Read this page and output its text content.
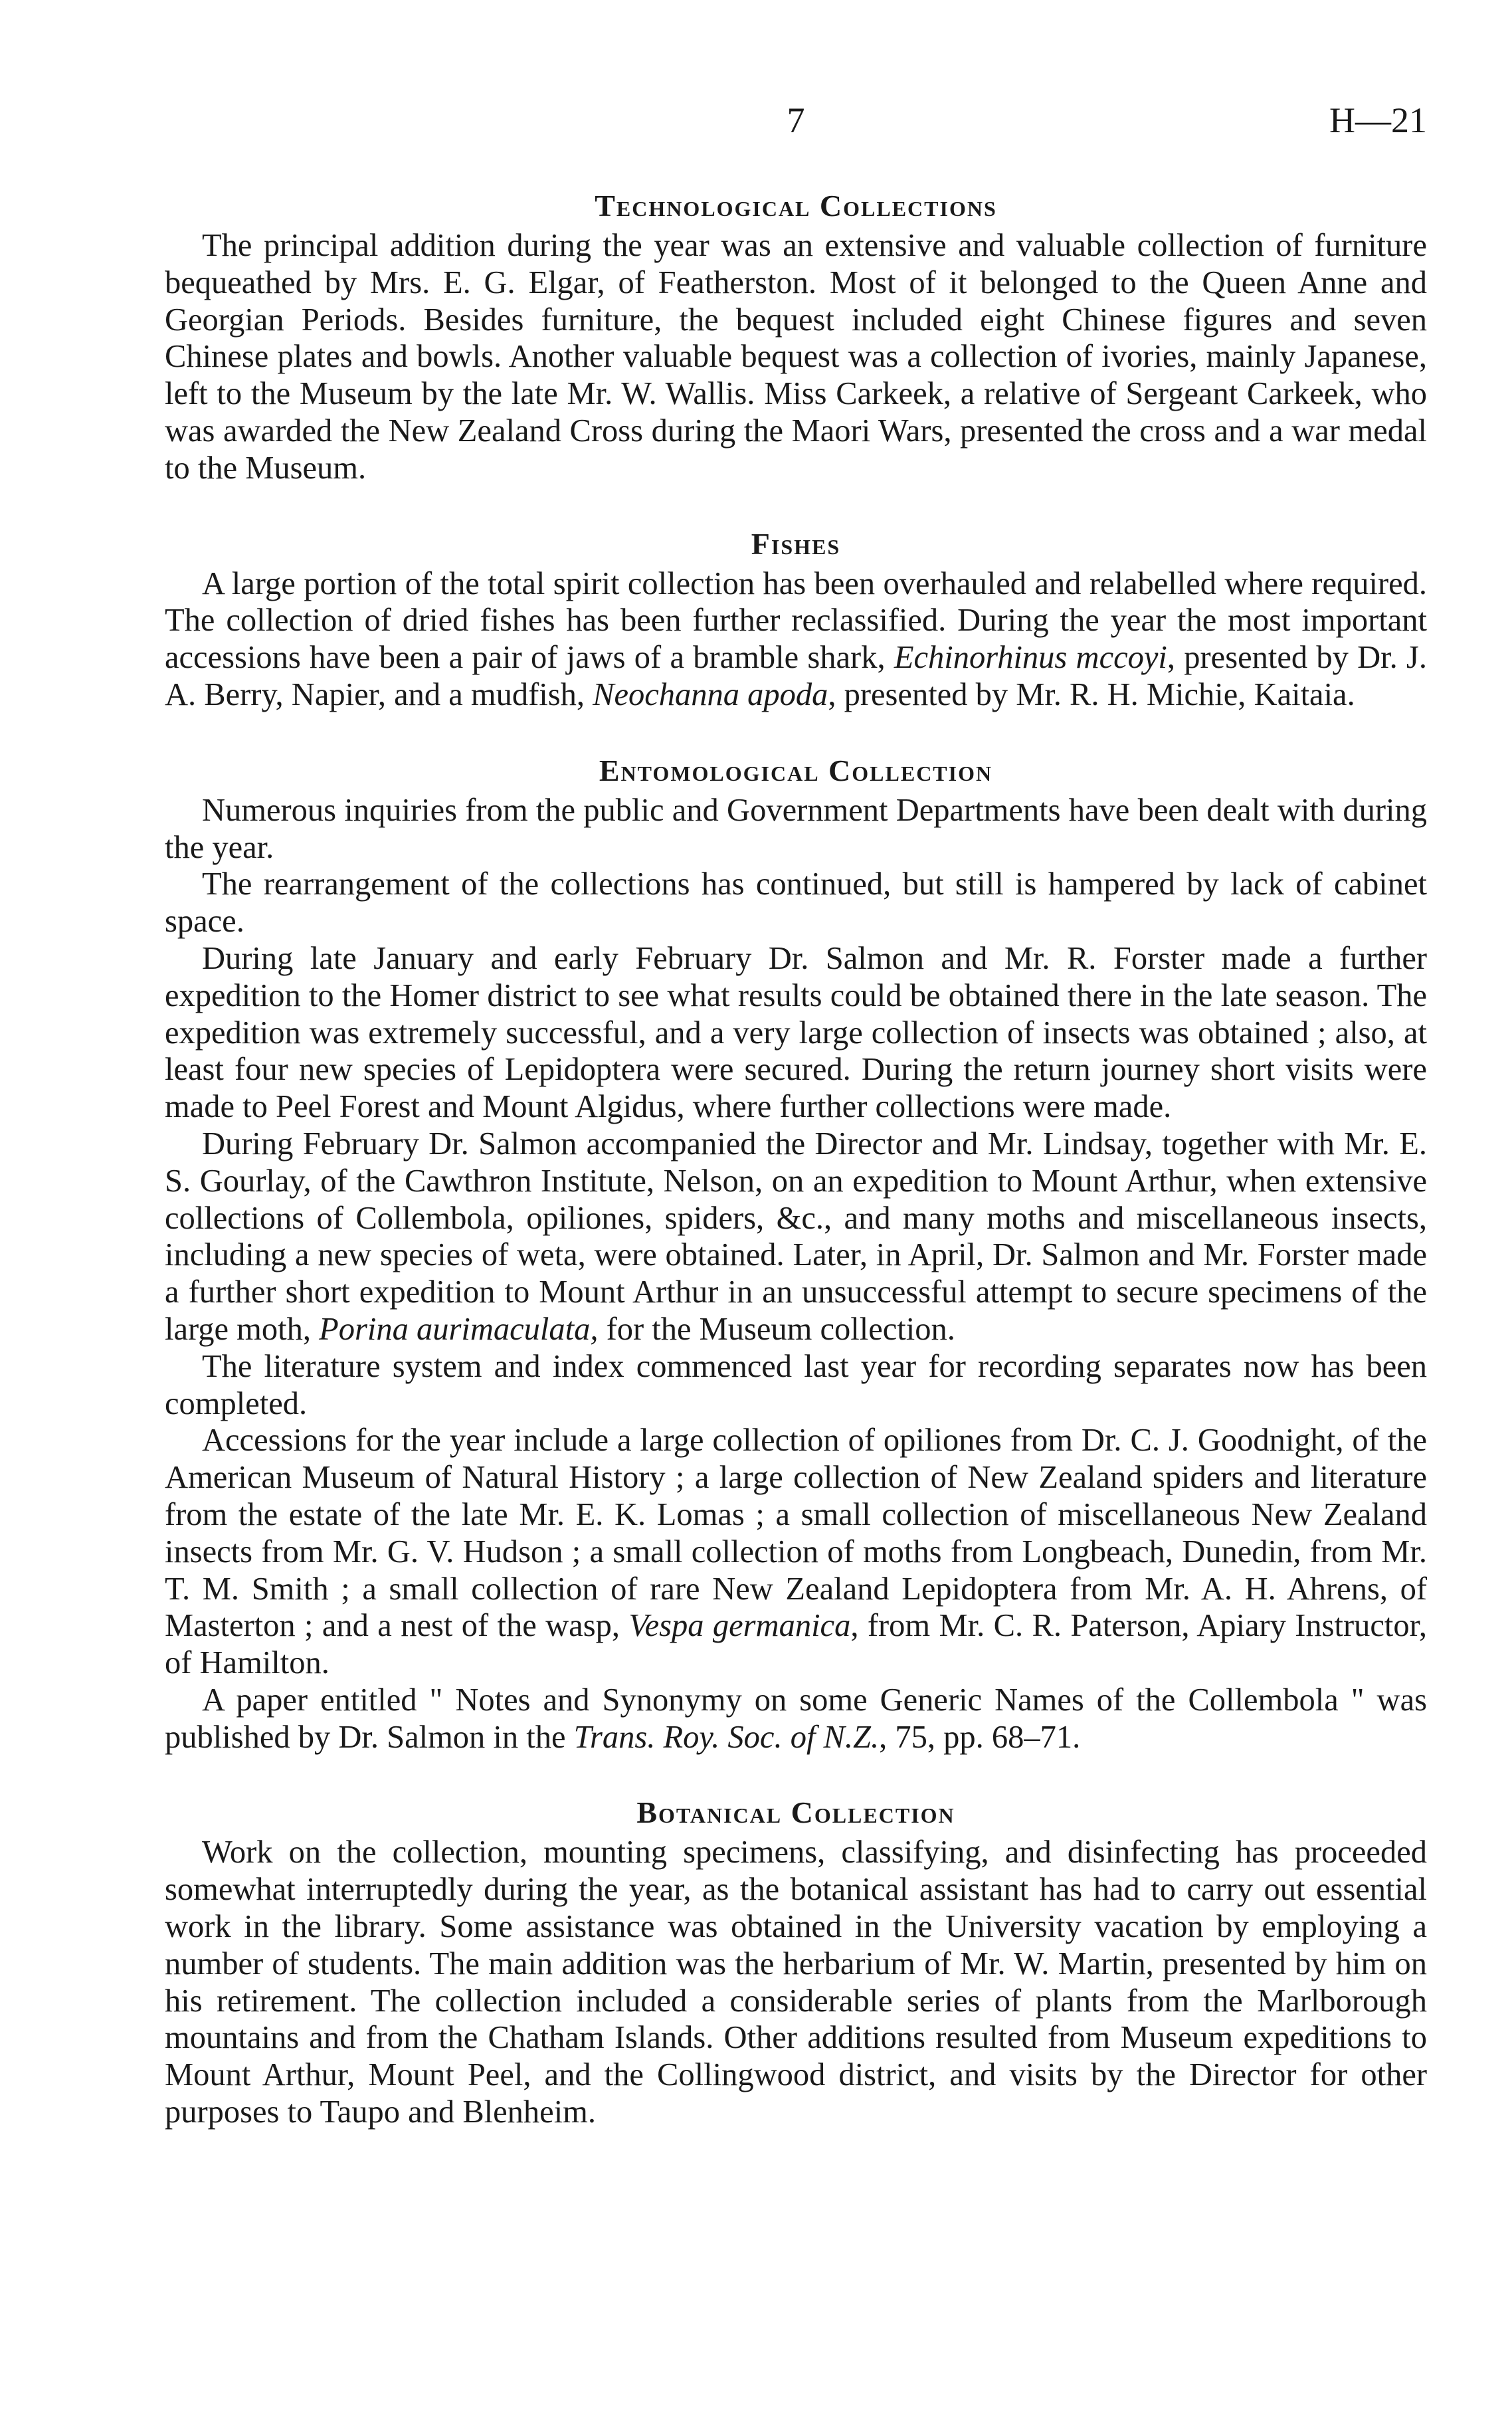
7	H—21
Technological Collections

The principal addition during the year was an extensive and valuable collection of furniture bequeathed by Mrs. E. G. Elgar, of Featherston. Most of it belonged to the Queen Anne and Georgian Periods. Besides furniture, the bequest included eight Chinese figures and seven Chinese plates and bowls. Another valuable bequest was a collection of ivories, mainly Japanese, left to the Museum by the late Mr. W. Wallis. Miss Carkeek, a relative of Sergeant Carkeek, who was awarded the New Zealand Cross during the Maori Wars, presented the cross and a war medal to the Museum.

Fishes

A large portion of the total spirit collection has been overhauled and relabelled where required. The collection of dried fishes has been further reclassified. During the year the most important accessions have been a pair of jaws of a bramble shark, Echinorhinus mccoyi, presented by Dr. J. A. Berry, Napier, and a mudfish, Neochanna apoda, presented by Mr. R. H. Michie, Kaitaia.

Entomological Collection

Numerous inquiries from the public and Government Departments have been dealt with during the year.

The rearrangement of the collections has continued, but still is hampered by lack of cabinet space.

During late January and early February Dr. Salmon and Mr. R. Forster made a further expedition to the Homer district to see what results could be obtained there in the late season. The expedition was extremely successful, and a very large collection of insects was obtained ; also, at least four new species of Lepidoptera were secured. During the return journey short visits were made to Peel Forest and Mount Algidus, where further collections were made.

During February Dr. Salmon accompanied the Director and Mr. Lindsay, together with Mr. E. S. Gourlay, of the Cawthron Institute, Nelson, on an expedition to Mount Arthur, when extensive collections of Collembola, opiliones, spiders, &c., and many moths and miscellaneous insects, including a new species of weta, were obtained. Later, in April, Dr. Salmon and Mr. Forster made a further short expedition to Mount Arthur in an unsuccessful attempt to secure specimens of the large moth, Porina aurimaculata, for the Museum collection.

The literature system and index commenced last year for recording separates now has been completed.

Accessions for the year include a large collection of opiliones from Dr. C. J. Goodnight, of the American Museum of Natural History ; a large collection of New Zealand spiders and literature from the estate of the late Mr. E. K. Lomas ; a small collection of miscellaneous New Zealand insects from Mr. G. V. Hudson ; a small collection of moths from Longbeach, Dunedin, from Mr. T. M. Smith ; a small collection of rare New Zealand Lepidoptera from Mr. A. H. Ahrens, of Masterton ; and a nest of the wasp, Vespa germanica, from Mr. C. R. Paterson, Apiary Instructor, of Hamilton.

A paper entitled " Notes and Synonymy on some Generic Names of the Collembola " was published by Dr. Salmon in the Trans. Roy. Soc. of N.Z., 75, pp. 68–71.

Botanical Collection

Work on the collection, mounting specimens, classifying, and disinfecting has proceeded somewhat interruptedly during the year, as the botanical assistant has had to carry out essential work in the library. Some assistance was obtained in the University vacation by employing a number of students. The main addition was the herbarium of Mr. W. Martin, presented by him on his retirement. The collection included a considerable series of plants from the Marlborough mountains and from the Chatham Islands. Other additions resulted from Museum expeditions to Mount Arthur, Mount Peel, and the Collingwood district, and visits by the Director for other purposes to Taupo and Blenheim.
